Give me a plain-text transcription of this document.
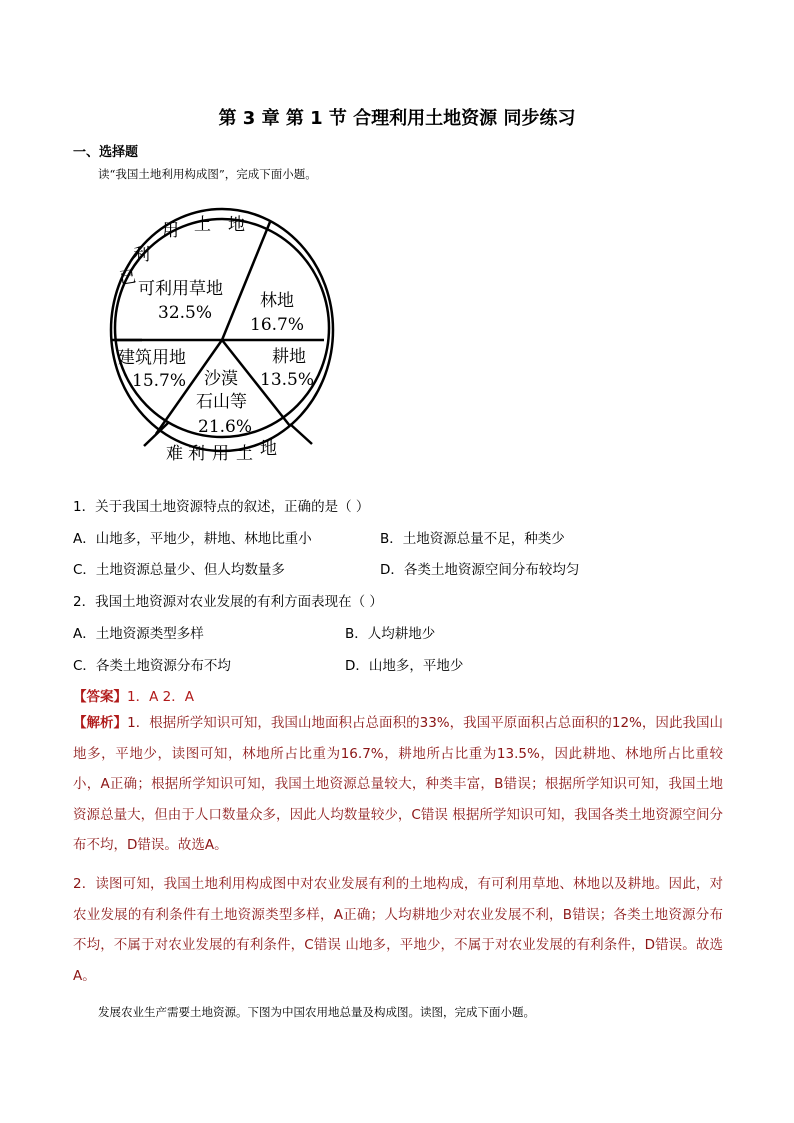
第 3 章 第 1 节 合理利用土地资源 同步练习
一、选择题
读“我国土地利用构成图”，完成下面小题。
已
利
用 土 地
难 利 用 土 地
可利用草地
32.5%
林地
16.7%
耕地
13.5%
沙漠
石山等
21.6%
建筑用地
15.7%
1．关于我国土地资源特点的叙述，正确的是（ ）
A．山地多，平地少，耕地、林地比重小	B．土地资源总量不足，种类少
C．土地资源总量少、但人均数量多	D．各类土地资源空间分布较均匀
2．我国土地资源对农业发展的有利方面表现在（ ）
A．土地资源类型多样	B．人均耕地少
C．各类土地资源分布不均	D．山地多，平地少
【答案】1．A 2．A
【解析】1．根据所学知识可知，我国山地面积占总面积的33%，我国平原面积占总面积的12%，因此我国山地多，平地少，读图可知，林地所占比重为16.7%，耕地所占比重为13.5%，因此耕地、林地所占比重较小，A正确；根据所学知识可知，我国土地资源总量较大，种类丰富，B错误；根据所学知识可知，我国土地资源总量大，但由于人口数量众多，因此人均数量较少，C错误 根据所学知识可知，我国各类土地资源空间分布不均，D错误。故选A。
2．读图可知，我国土地利用构成图中对农业发展有利的土地构成，有可利用草地、林地以及耕地。因此，对农业发展的有利条件有土地资源类型多样，A正确；人均耕地少对农业发展不利，B错误；各类土地资源分布不均，不属于对农业发展的有利条件，C错误 山地多，平地少，不属于对农业发展的有利条件，D错误。故选A。
发展农业生产需要土地资源。下图为中国农用地总量及构成图。读图，完成下面小题。
